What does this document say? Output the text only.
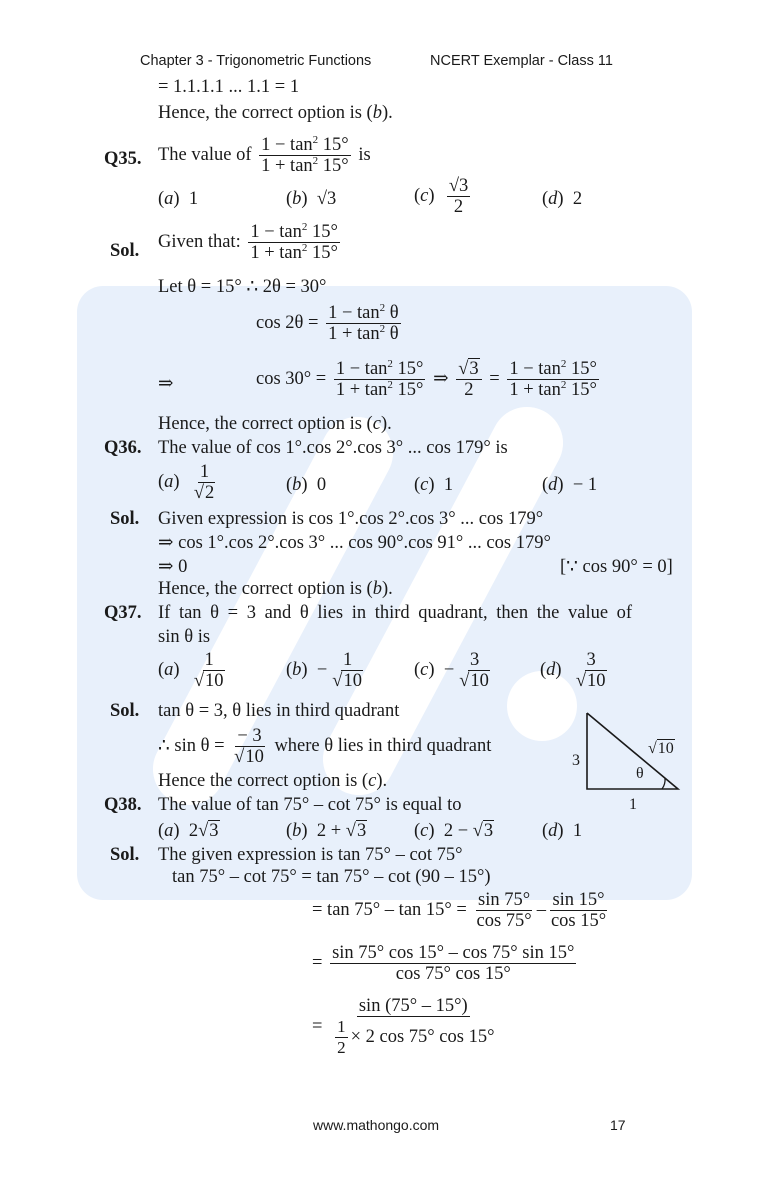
Chapter 3 - Trigonometric Functions	NCERT Exemplar - Class 11
= 1.1.1.1 ... 1.1 = 1
Hence, the correct option is (b).
Q35. The value of $\frac{1 - \tan^2 15^\circ}{1 + \tan^2 15^\circ}$ is
(a)  1	(b)  √3	$(c) \frac{√3}{2}$	(d)  2
Sol. Given that: $\frac{1 - \tan^2 15^\circ}{1 + \tan^2 15^\circ}$
Let θ = 15° ∴ 2θ = 30°
$\cos 2\theta = \frac{1 - \tan^2 \theta}{1 + \tan^2 \theta}$
⇒	$\cos 30^\circ = \frac{1 - \tan^2 15^\circ}{1 + \tan^2 15^\circ}$ ⇒ $\frac{√3}{2} = \frac{1 - \tan^2 15^\circ}{1 + \tan^2 15^\circ}$
Hence, the correct option is (c).
Q36. The value of cos 1°.cos 2°.cos 3° ... cos 179° is
$(a) \frac{1}{√2}$	(b)  0	(c)  1	(d)  − 1
Sol. Given expression is cos 1°.cos 2°.cos 3° ... cos 179°
⇒ cos 1°.cos 2°.cos 3° ... cos 90°.cos 91° ... cos 179°
⇒ 0	[∵ cos 90° = 0]
Hence, the correct option is (b).
Q37. If tan θ = 3 and θ lies in third quadrant, then the value of
sin θ is
$(a) \frac{1}{√10}$	$(b) - \frac{1}{√10}$	$(c) - \frac{3}{√10}$	$(d) \frac{3}{√10}$
Sol. tan θ = 3, θ lies in third quadrant
∴ $\sin \theta = \frac{- 3}{√10}$ where θ lies in third quadrant
Hence the correct option is (c).
3
1
√10
θ
Q38. The value of tan 75° – cot 75° is equal to
(a)  2√3	(b)  2 + √3	(c)  2 − √3	(d)  1
Sol. The given expression is tan 75° – cot 75°
tan 75° – cot 75° = tan 75° – cot (90 – 15°)
= $\tan 75^\circ - \tan 15^\circ = \frac{\sin 75^\circ}{\cos 75^\circ} - \frac{\sin 15^\circ}{\cos 15^\circ}$
= $\frac{\sin 75^\circ \cos 15^\circ - \cos 75^\circ \sin 15^\circ}{\cos 75^\circ \cos 15^\circ}$
= $\frac{\sin (75^\circ - 15^\circ)}{\frac{1}{2} \times 2 \cos 75^\circ \cos 15^\circ}$
www.mathongo.com	17
